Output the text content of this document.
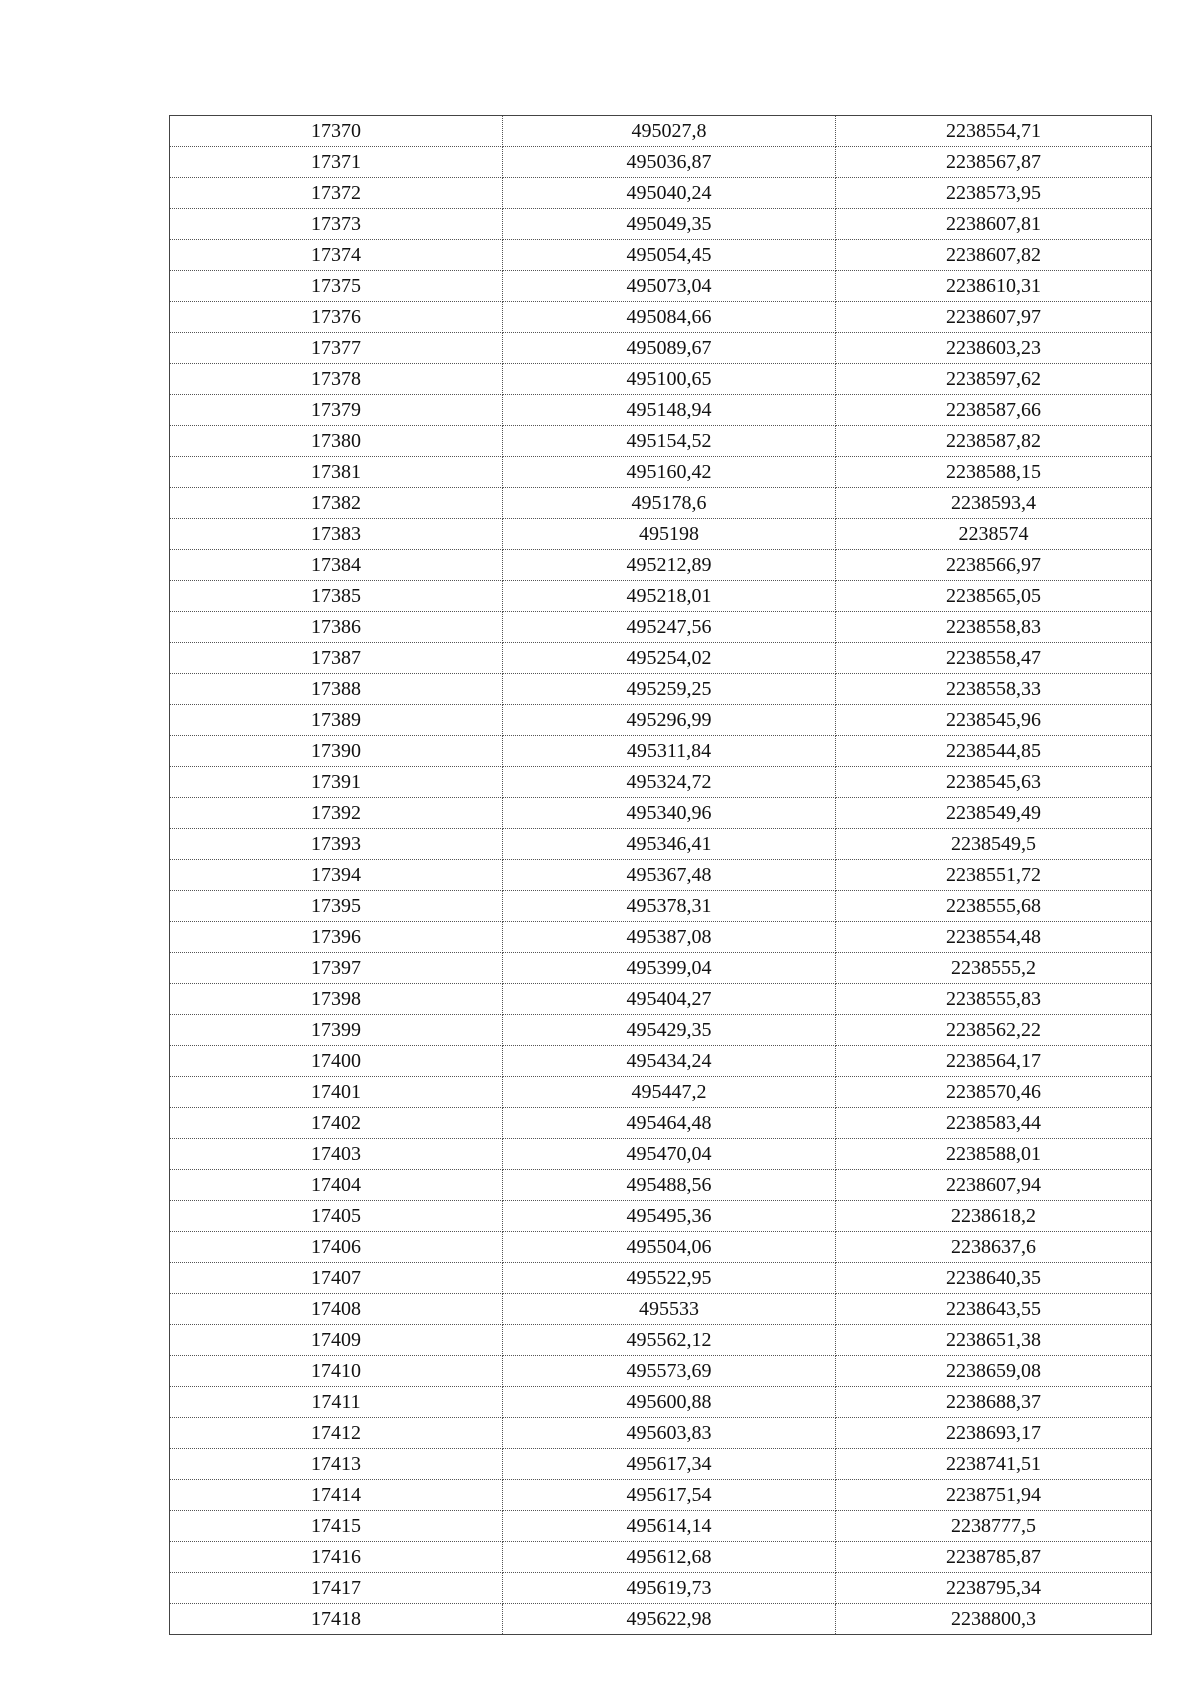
17370	495027,8	2238554,71
17371	495036,87	2238567,87
17372	495040,24	2238573,95
17373	495049,35	2238607,81
17374	495054,45	2238607,82
17375	495073,04	2238610,31
17376	495084,66	2238607,97
17377	495089,67	2238603,23
17378	495100,65	2238597,62
17379	495148,94	2238587,66
17380	495154,52	2238587,82
17381	495160,42	2238588,15
17382	495178,6	2238593,4
17383	495198	2238574
17384	495212,89	2238566,97
17385	495218,01	2238565,05
17386	495247,56	2238558,83
17387	495254,02	2238558,47
17388	495259,25	2238558,33
17389	495296,99	2238545,96
17390	495311,84	2238544,85
17391	495324,72	2238545,63
17392	495340,96	2238549,49
17393	495346,41	2238549,5
17394	495367,48	2238551,72
17395	495378,31	2238555,68
17396	495387,08	2238554,48
17397	495399,04	2238555,2
17398	495404,27	2238555,83
17399	495429,35	2238562,22
17400	495434,24	2238564,17
17401	495447,2	2238570,46
17402	495464,48	2238583,44
17403	495470,04	2238588,01
17404	495488,56	2238607,94
17405	495495,36	2238618,2
17406	495504,06	2238637,6
17407	495522,95	2238640,35
17408	495533	2238643,55
17409	495562,12	2238651,38
17410	495573,69	2238659,08
17411	495600,88	2238688,37
17412	495603,83	2238693,17
17413	495617,34	2238741,51
17414	495617,54	2238751,94
17415	495614,14	2238777,5
17416	495612,68	2238785,87
17417	495619,73	2238795,34
17418	495622,98	2238800,3
